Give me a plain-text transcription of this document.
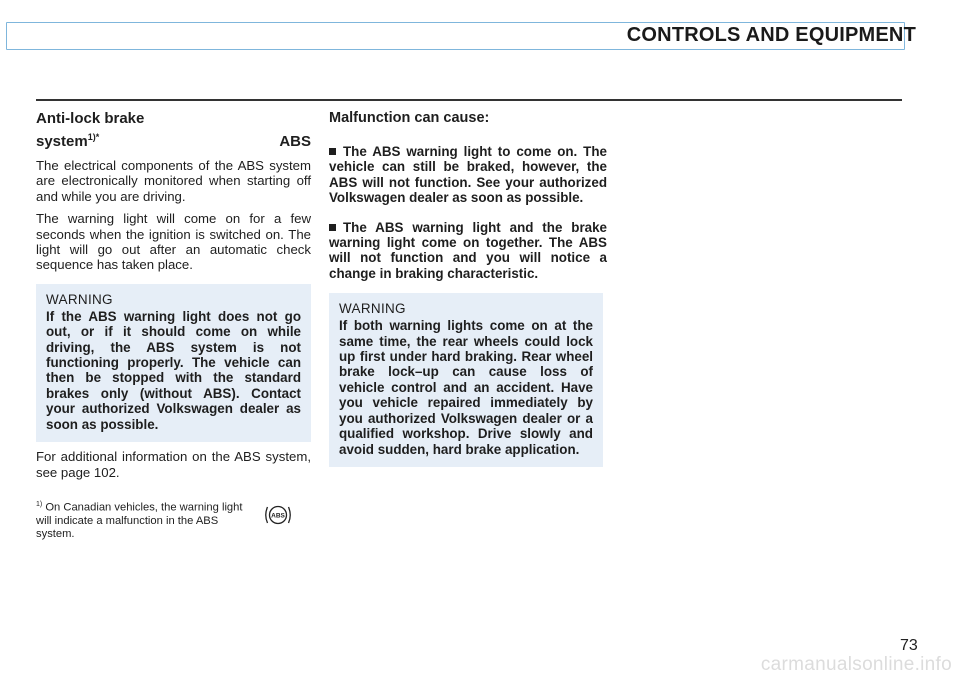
CONTROLS AND EQUIPMENT
Anti-lock brake
system$^{1)*}$	ABS

The electrical components of the ABS system are electronically monitored when starting off and while you are driving.

The warning light will come on for a few seconds when the ignition is switched on. The light will go out after an automatic check sequence has taken place.

WARNING
If the ABS warning light does not go out, or if it should come on while driving, the ABS system is not functioning properly. The vehicle can then be stopped with the standard brakes only (without ABS). Contact your authorized Volkswagen dealer as soon as possible.

For additional information on the ABS system, see page 102.

$^{1)}$ On Canadian vehicles, the warning light will indicate a malfunction in the ABS system.
ABS
Malfunction can cause:
The ABS warning light to come on. The vehicle can still be braked, however, the ABS will not function. See your authorized Volkswagen dealer as soon as possible.
The ABS warning light and the brake warning light come on together. The ABS will not function and you will notice a change in braking characteristic.
WARNING
If both warning lights come on at the same time, the rear wheels could lock up first under hard braking. Rear wheel brake lock–up can cause loss of vehicle control and an accident. Have you vehicle repaired immediately by you authorized Volkswagen dealer or a qualified workshop. Drive slowly and avoid sudden, hard brake application.
73
carmanualsonline.info
